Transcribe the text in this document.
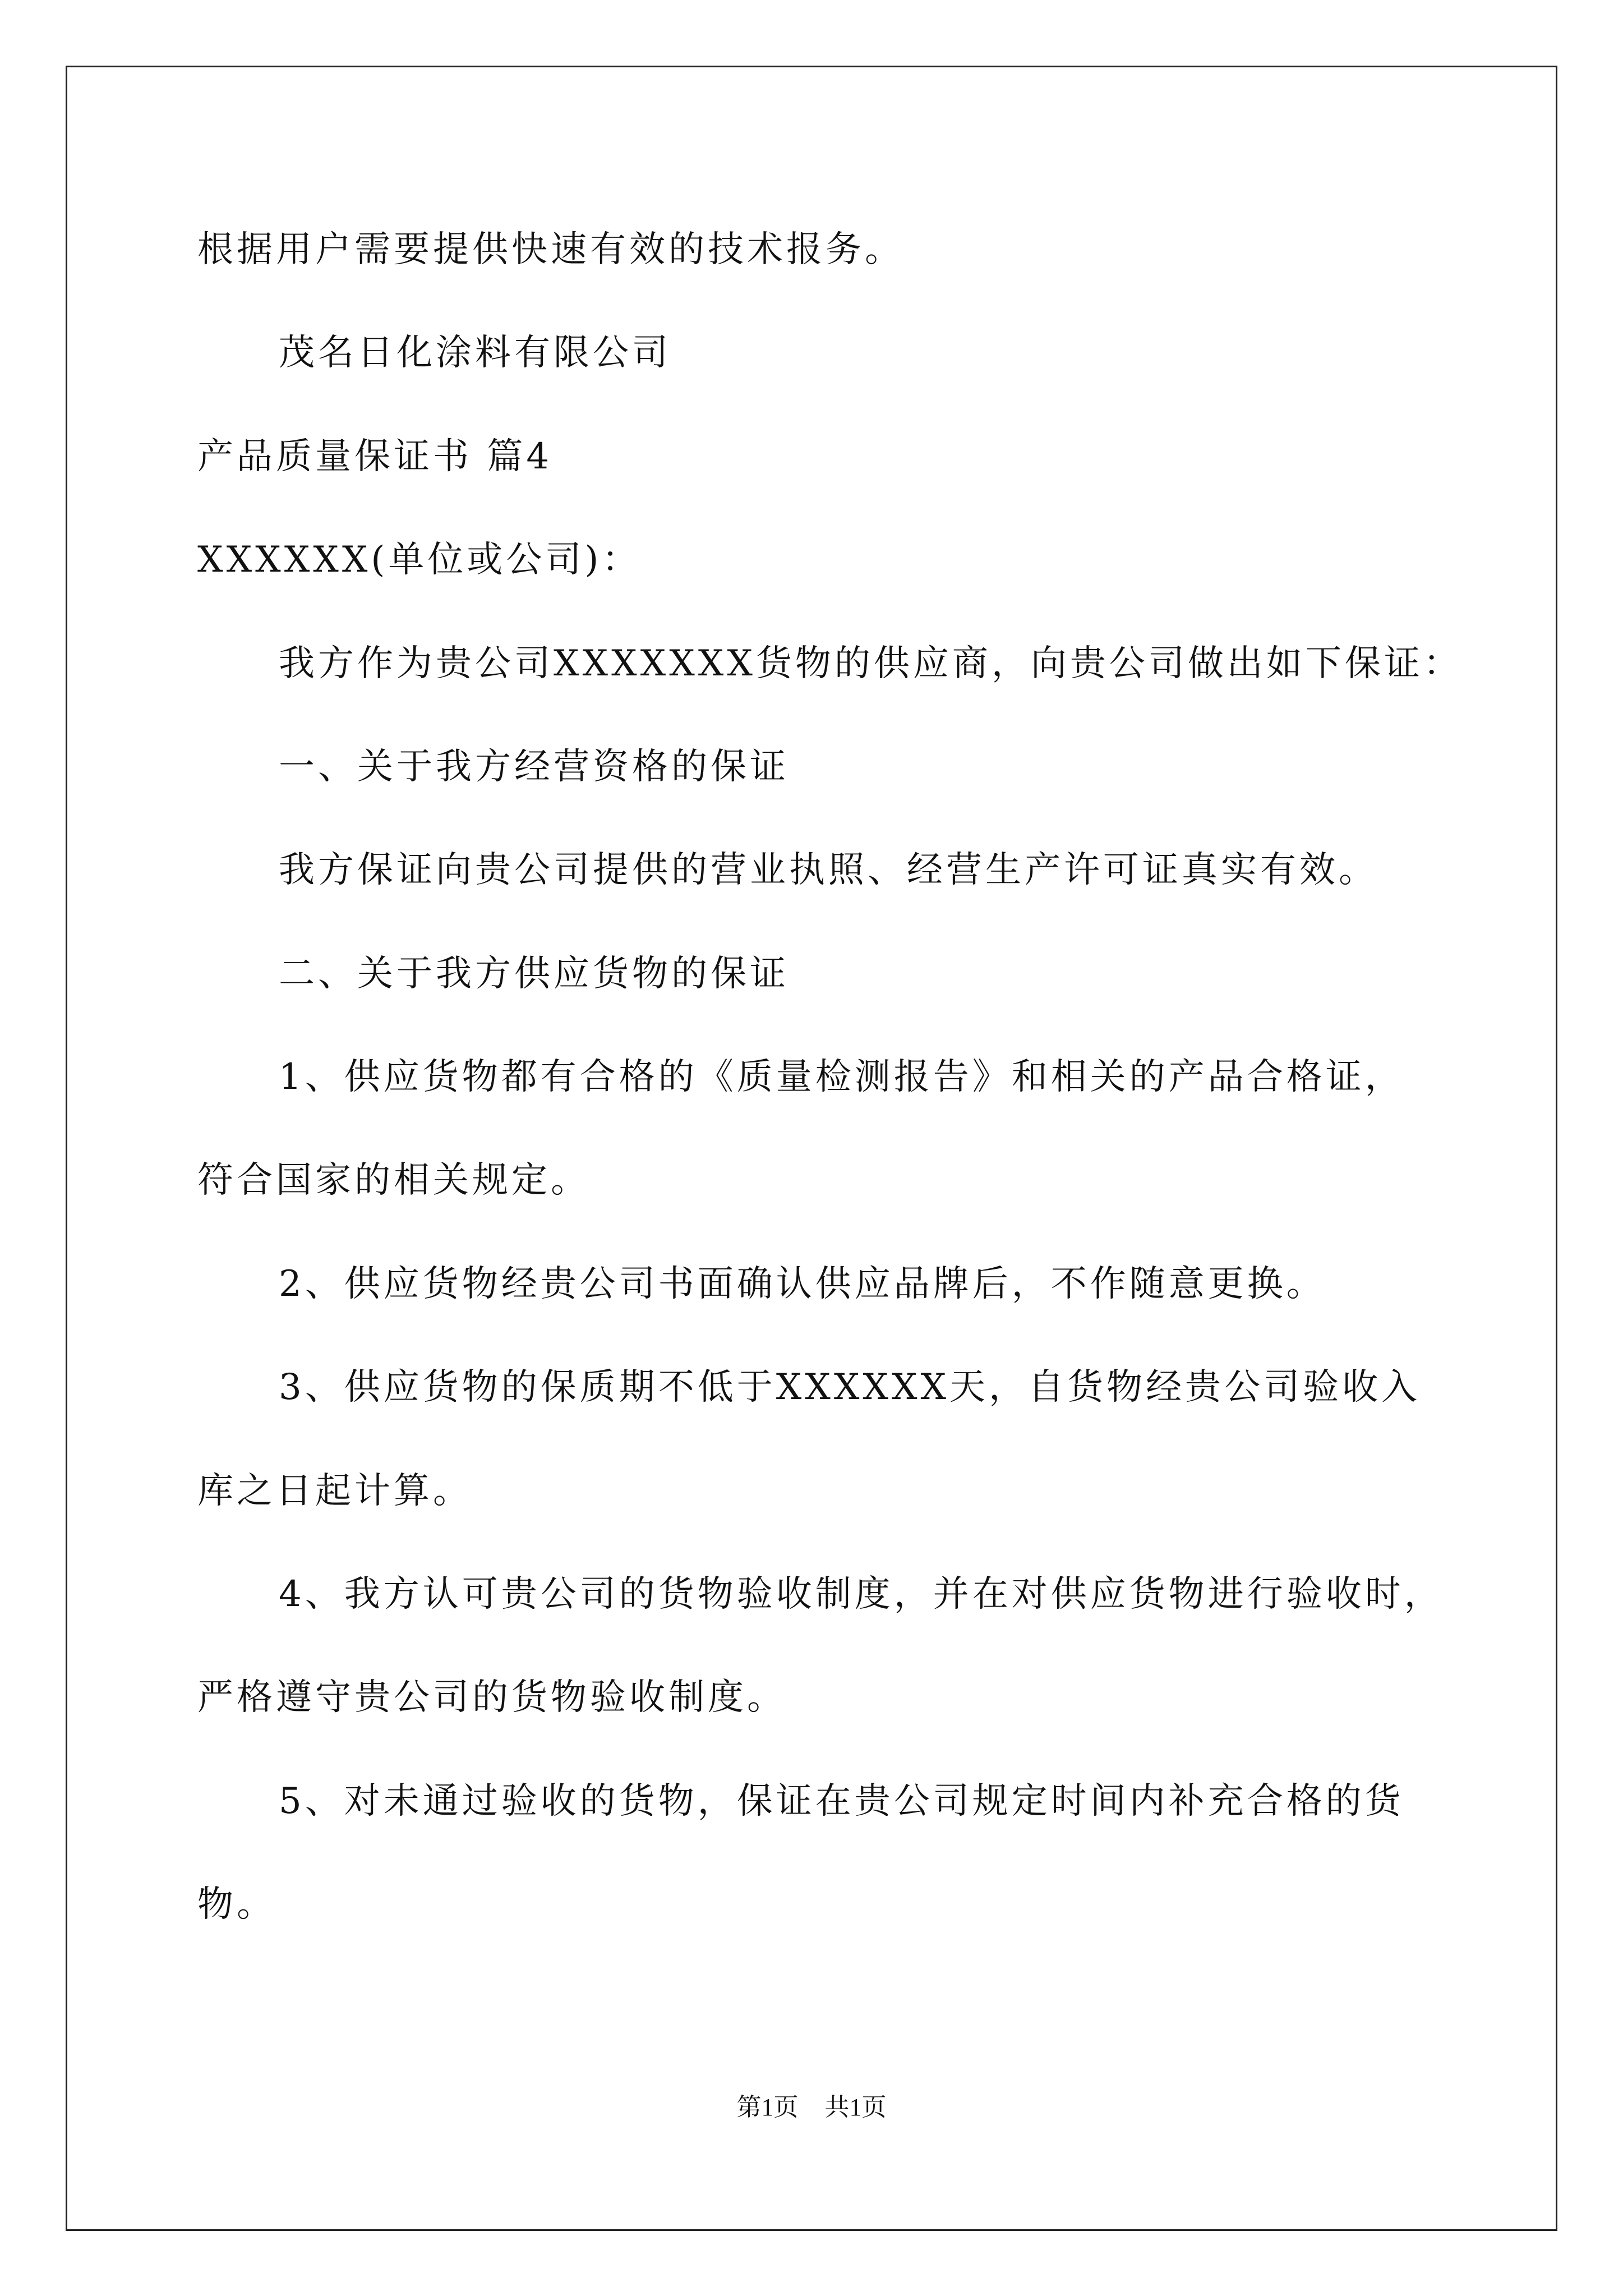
根据用户需要提供快速有效的技术报务。

茂名日化涂料有限公司

产品质量保证书 篇4

XXXXXX(单位或公司)：

我方作为贵公司XXXXXXX货物的供应商，向贵公司做出如下保证：

一、关于我方经营资格的保证

我方保证向贵公司提供的营业执照、经营生产许可证真实有效。

二、关于我方供应货物的保证

1、供应货物都有合格的《质量检测报告》和相关的产品合格证，

符合国家的相关规定。

2、供应货物经贵公司书面确认供应品牌后，不作随意更换。

3、供应货物的保质期不低于XXXXXX天，自货物经贵公司验收入

库之日起计算。

4、我方认可贵公司的货物验收制度，并在对供应货物进行验收时，

严格遵守贵公司的货物验收制度。

5、对未通过验收的货物，保证在贵公司规定时间内补充合格的货

物。

第1页 共1页
